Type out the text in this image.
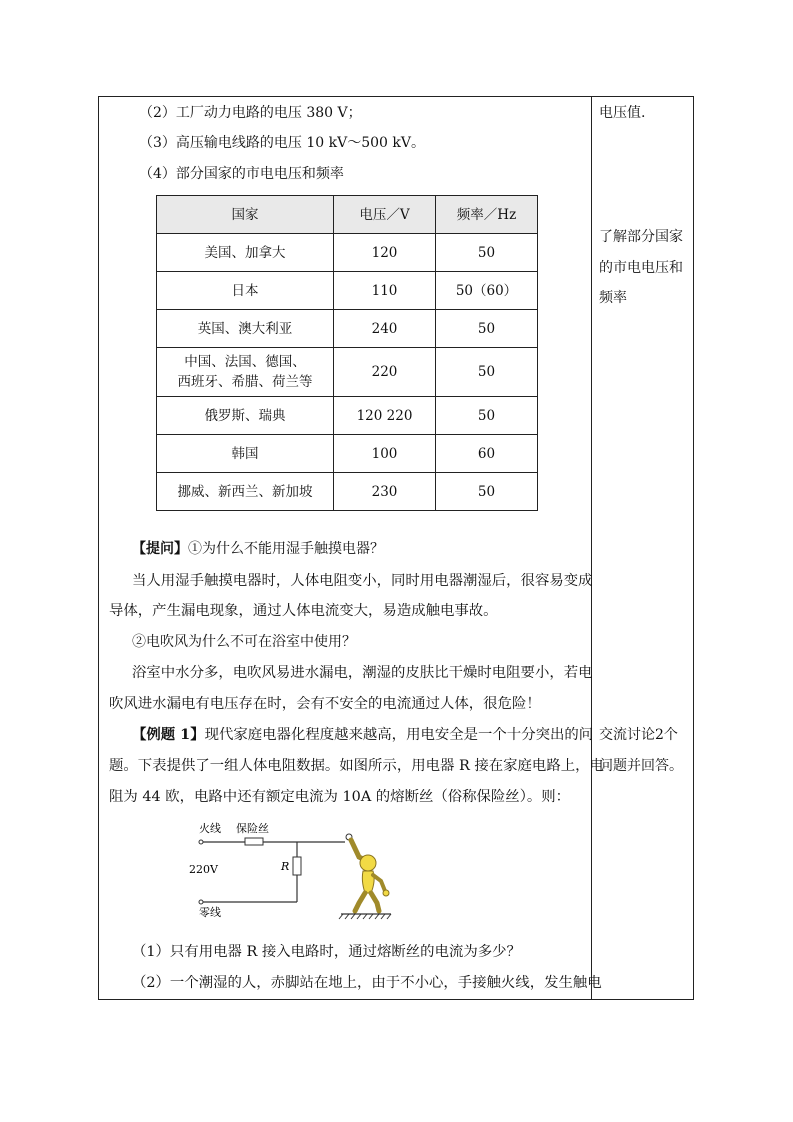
（2）工厂动力电路的电压 380 V；
（3）高压输电线路的电压 10 kV～500 kV。
（4）部分国家的市电电压和频率
国家	电压／V	频率／Hz
美国、加拿大	120	50
日本	110	50（60）
英国、澳大利亚	240	50
中国、法国、德国、
西班牙、希腊、荷兰等	220	50
俄罗斯、瑞典	120 220	50
韩国	100	60
挪威、新西兰、新加坡	230	50
【提问】①为什么不能用湿手触摸电器？
当人用湿手触摸电器时，人体电阻变小，同时用电器潮湿后，很容易变成
导体，产生漏电现象，通过人体电流变大，易造成触电事故。
②电吹风为什么不可在浴室中使用？
浴室中水分多，电吹风易进水漏电，潮湿的皮肤比干燥时电阻要小，若电
吹风进水漏电有电压存在时，会有不安全的电流通过人体，很危险！
【例题 1】现代家庭电器化程度越来越高，用电安全是一个十分突出的问
题。下表提供了一组人体电阻数据。如图所示，用电器 R 接在家庭电路上，电
阻为 44 欧，电路中还有额定电流为 10A 的熔断丝（俗称保险丝）。则：
火线 保险丝
220V	R
零线
（1）只有用电器 R 接入电路时，通过熔断丝的电流为多少？
（2）一个潮湿的人，赤脚站在地上，由于不小心，手接触火线，发生触电
电压值.
了解部分国家
的市电电压和
频率
交流讨论2个
问题并回答。
